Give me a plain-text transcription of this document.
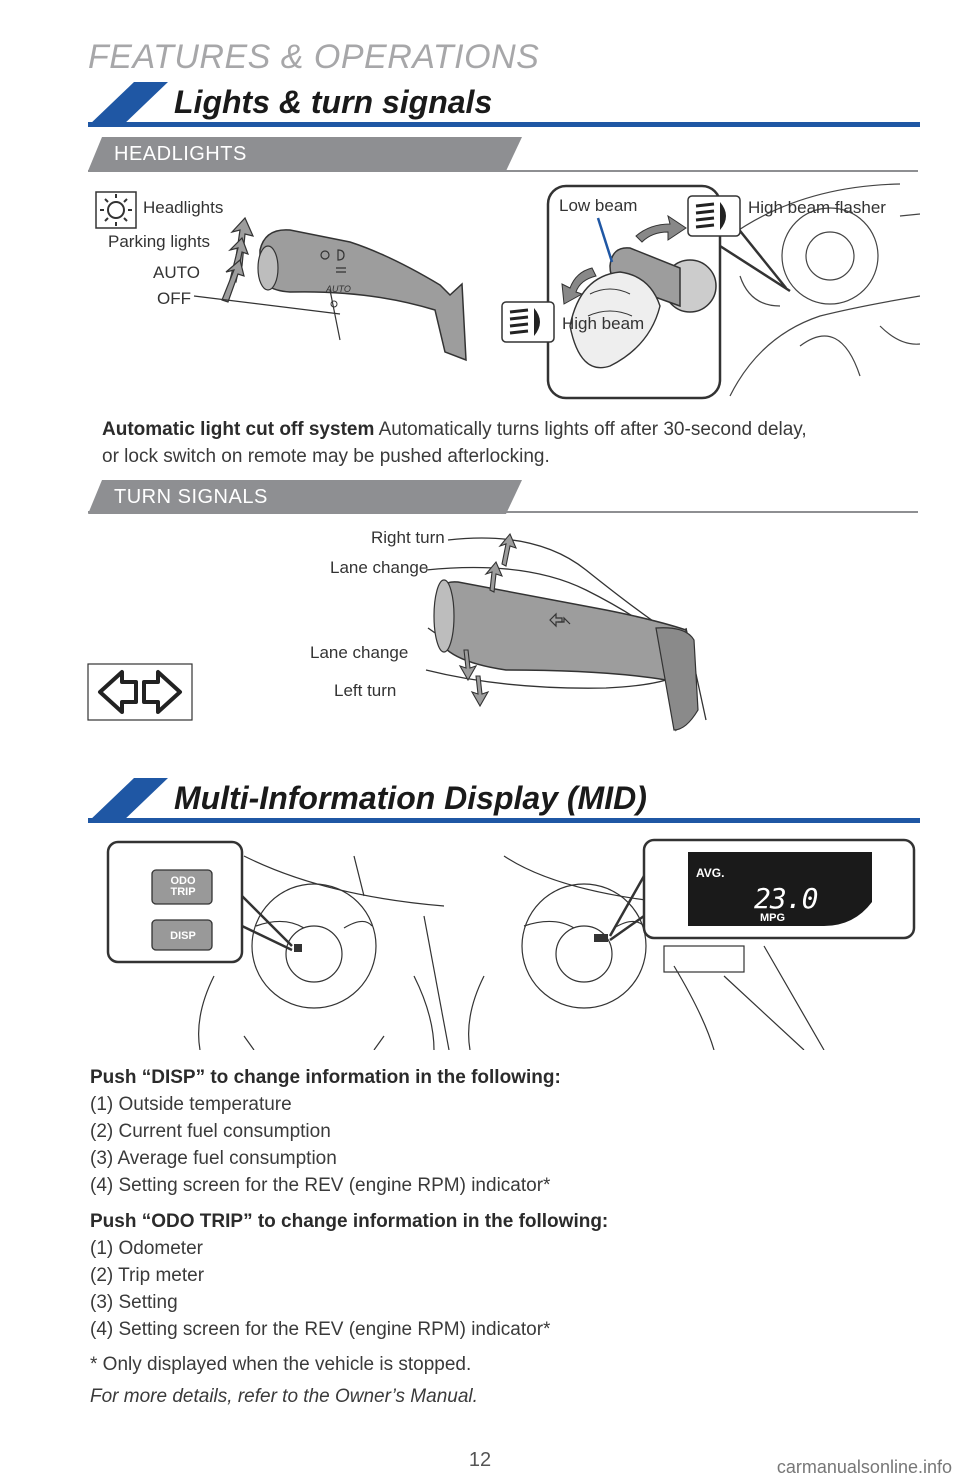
FEATURES & OPERATIONS
Lights & turn signals
HEADLIGHTS
AUTO
Headlights
Parking lights
AUTO
OFF
Low beam	High beam flasher
High beam
Automatic light cut off system Automatically turns lights off after 30-second delay,
or lock switch on remote may be pushed afterlocking.
TURN SIGNALS
Right turn
Lane change
Lane change
Left turn
Multi-Information Display (MID)
ODO
TRIP
DISP
AVG.
23.0
MPG
Push “DISP” to change information in the following:
(1) Outside temperature
(2) Current fuel consumption
(3) Average fuel consumption
(4) Setting screen for the REV (engine RPM) indicator*
Push “ODO TRIP” to change information in the following:
(1) Odometer
(2) Trip meter
(3) Setting
(4) Setting screen for the REV (engine RPM) indicator*
* Only displayed when the vehicle is stopped.
For more details, refer to the Owner’s Manual.
12	carmanualsonline.info
